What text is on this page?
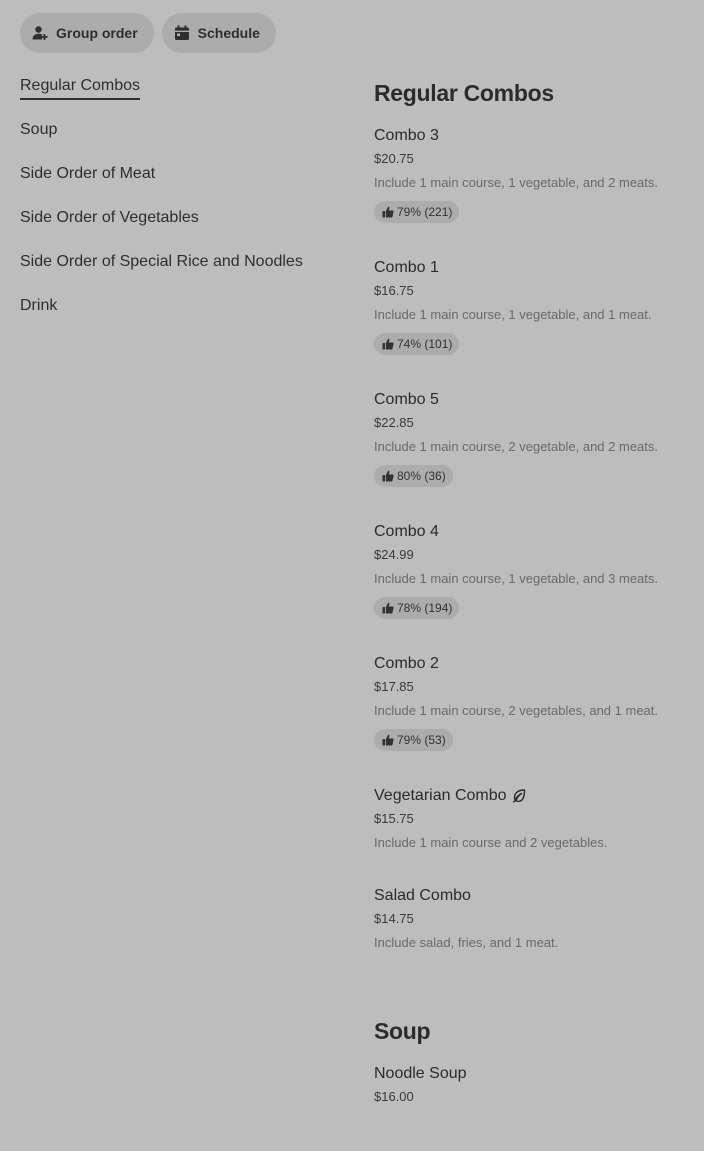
Group order	Schedule
Regular Combos
Soup
Side Order of Meat
Side Order of Vegetables
Side Order of Special Rice and Noodles
Drink
Regular Combos
Combo 3
$20.75
Include 1 main course, 1 vegetable, and 2 meats.
79% (221)
Combo 1
$16.75
Include 1 main course, 1 vegetable, and 1 meat.
74% (101)
Combo 5
$22.85
Include 1 main course, 2 vegetable, and 2 meats.
80% (36)
Combo 4
$24.99
Include 1 main course, 1 vegetable, and 3 meats.
78% (194)
Combo 2
$17.85
Include 1 main course, 2 vegetables, and 1 meat.
79% (53)
Vegetarian Combo
$15.75
Include 1 main course and 2 vegetables.
Salad Combo
$14.75
Include salad, fries, and 1 meat.
Soup
Noodle Soup
$16.00
